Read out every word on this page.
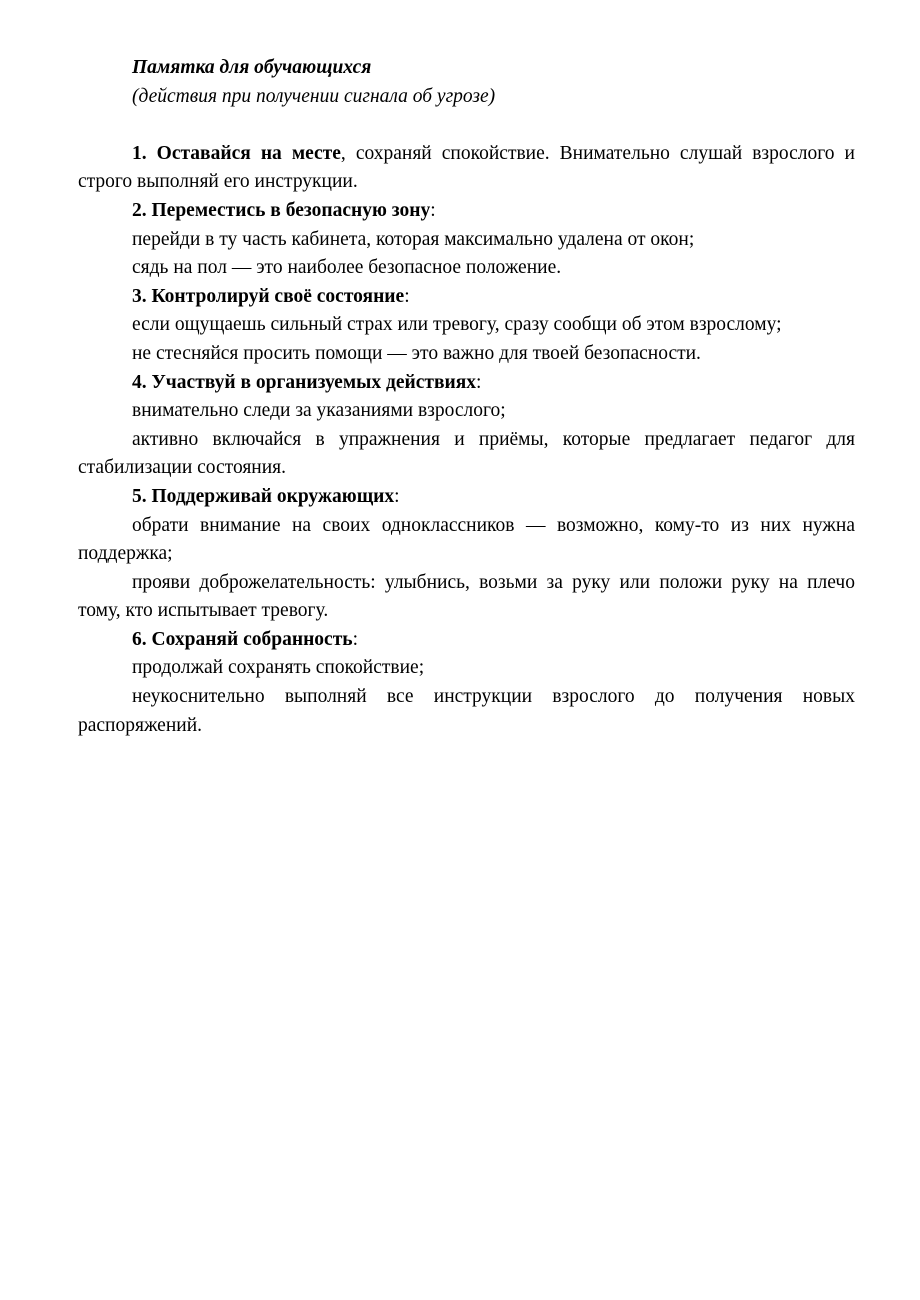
Памятка для обучающихся
(действия при получении сигнала об угрозе)

1. Оставайся на месте, сохраняй спокойствие. Внимательно слушай взрослого и строго выполняй его инструкции.

2. Переместись в безопасную зону:

перейди в ту часть кабинета, которая максимально удалена от окон;

сядь на пол — это наиболее безопасное положение.

3. Контролируй своё состояние:

если ощущаешь сильный страх или тревогу, сразу сообщи об этом взрослому;

не стесняйся просить помощи — это важно для твоей безопасности.

4. Участвуй в организуемых действиях:

внимательно следи за указаниями взрослого;

активно включайся в упражнения и приёмы, которые предлагает педагог для стабилизации состояния.

5. Поддерживай окружающих:

обрати внимание на своих одноклассников — возможно, кому-то из них нужна поддержка;

прояви доброжелательность: улыбнись, возьми за руку или положи руку на плечо тому, кто испытывает тревогу.

6. Сохраняй собранность:

продолжай сохранять спокойствие;

неукоснительно выполняй все инструкции взрослого до получения новых распоряжений.
